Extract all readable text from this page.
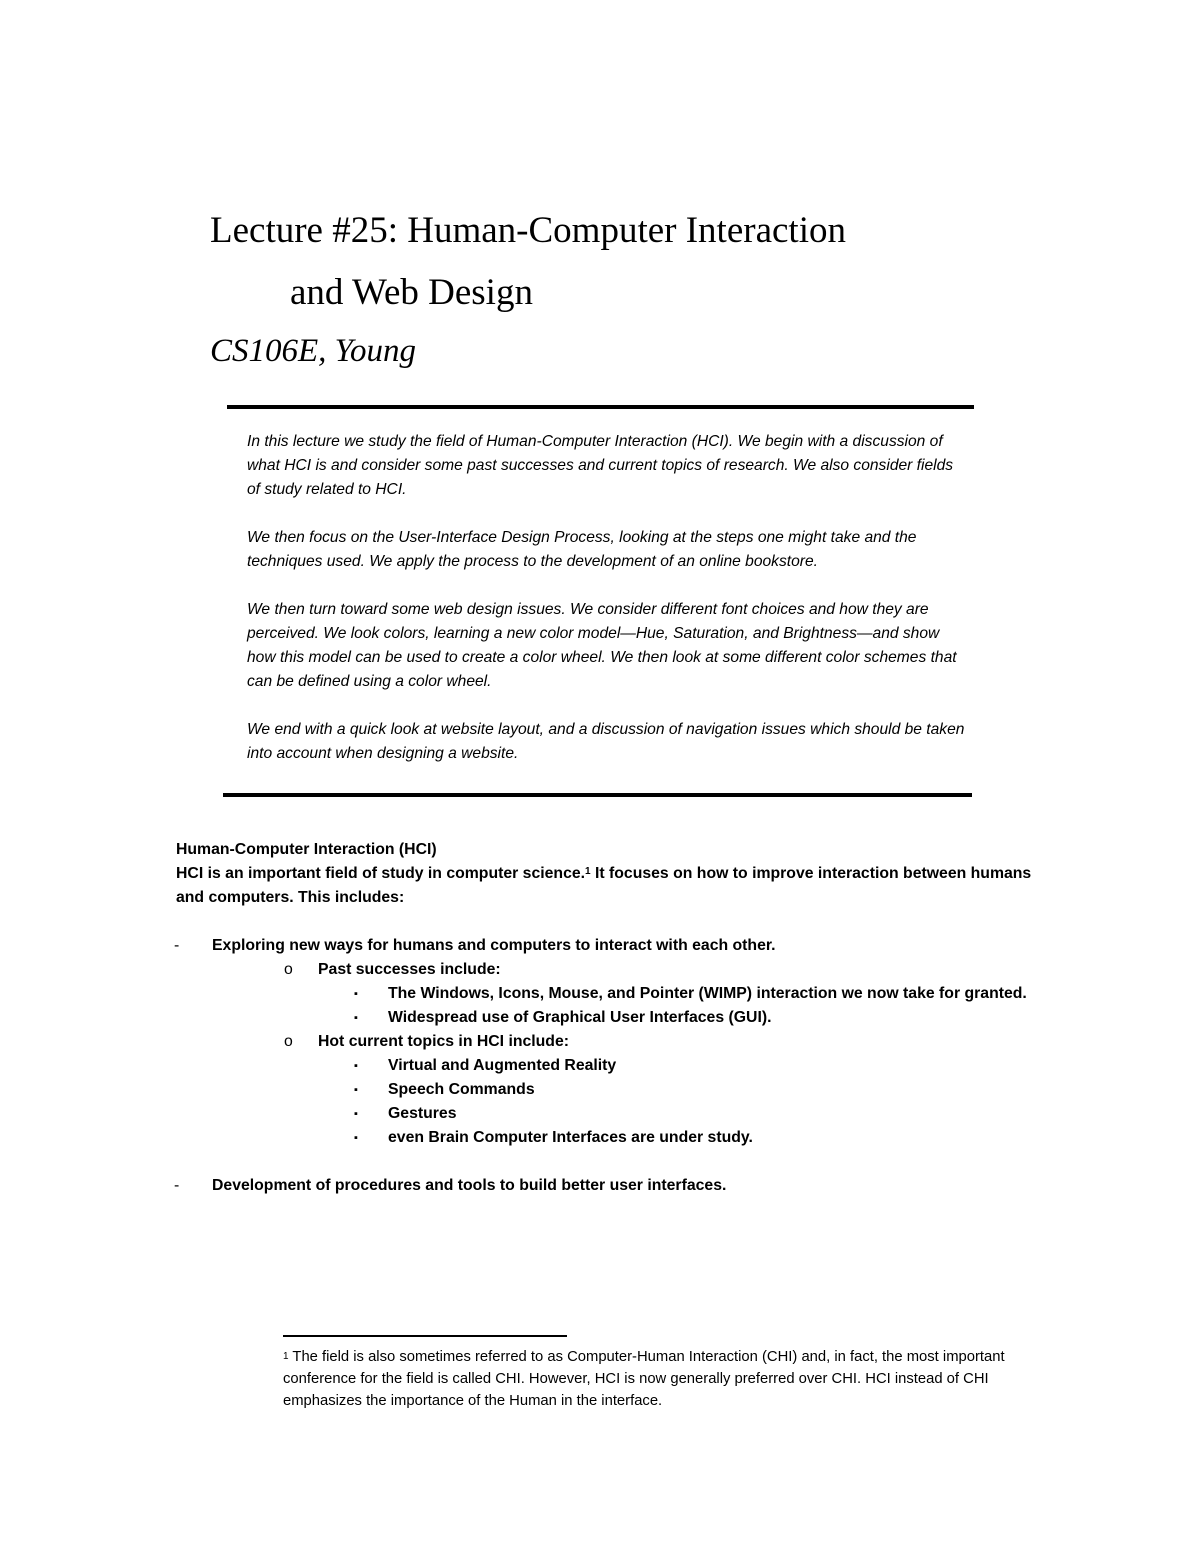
Lecture #25: Human-Computer Interaction
and Web Design
CS106E, Young

In this lecture we study the field of Human-Computer Interaction (HCI). We begin with a discussion of what HCI is and consider some past successes and current topics of research. We also consider fields of study related to HCI.

We then focus on the User-Interface Design Process, looking at the steps one might take and the techniques used. We apply the process to the development of an online bookstore.

We then turn toward some web design issues. We consider different font choices and how they are perceived. We look colors, learning a new color model—Hue, Saturation, and Brightness—and show how this model can be used to create a color wheel. We then look at some different color schemes that can be defined using a color wheel.

We end with a quick look at website layout, and a discussion of navigation issues which should be taken into account when designing a website.

Human-Computer Interaction (HCI)
HCI is an important field of study in computer science.$^1$ It focuses on how to improve interaction between humans and computers. This includes:
- Exploring new ways for humans and computers to interact with each other.
o Past successes include:
▪ The Windows, Icons, Mouse, and Pointer (WIMP) interaction we now take for granted.
▪ Widespread use of Graphical User Interfaces (GUI).
o Hot current topics in HCI include:
▪ Virtual and Augmented Reality
▪ Speech Commands
▪ Gestures
▪ even Brain Computer Interfaces are under study.
- Development of procedures and tools to build better user interfaces.
$^1$ The field is also sometimes referred to as Computer-Human Interaction (CHI) and, in fact, the most important conference for the field is called CHI. However, HCI is now generally preferred over CHI. HCI instead of CHI emphasizes the importance of the Human in the interface.
